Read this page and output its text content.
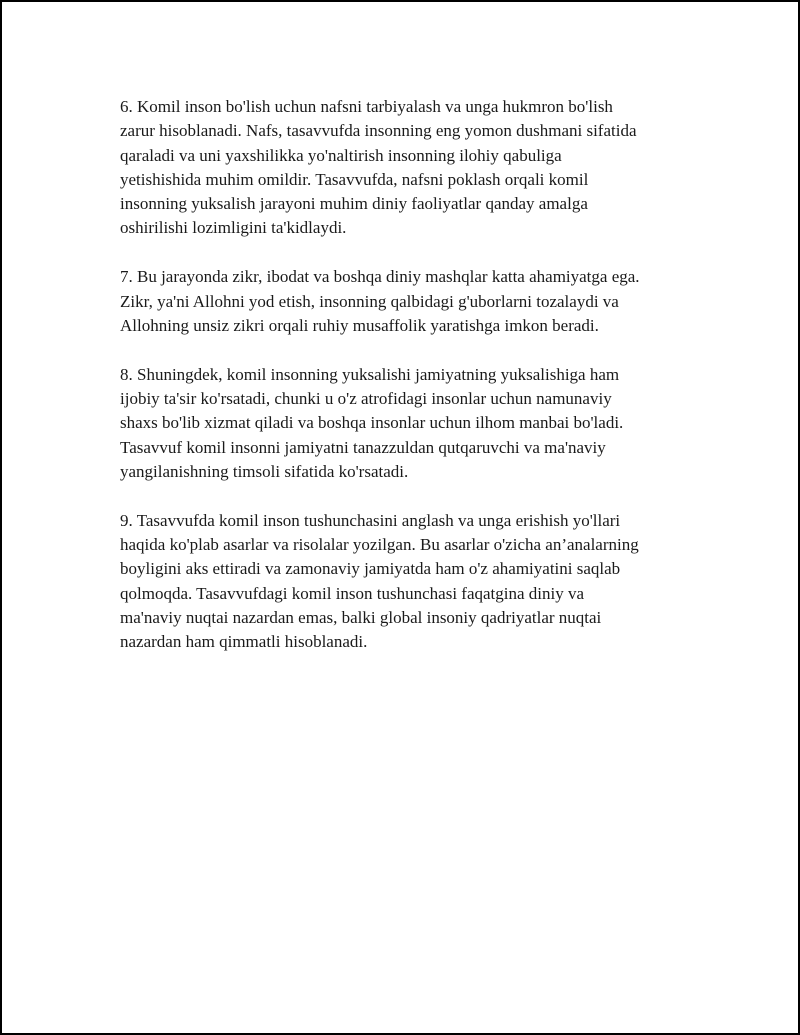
6. Komil inson bo'lish uchun nafsni tarbiyalash va unga hukmron bo'lish
zarur hisoblanadi. Nafs, tasavvufda insonning eng yomon dushmani sifatida
qaraladi va uni yaxshilikka yo'naltirish insonning ilohiy qabuliga
yetishishida muhim omildir. Tasavvufda, nafsni poklash orqali komil
insonning yuksalish jarayoni muhim diniy faoliyatlar qanday amalga
oshirilishi lozimligini ta'kidlaydi.

7. Bu jarayonda zikr, ibodat va boshqa diniy mashqlar katta ahamiyatga ega.
Zikr, ya'ni Allohni yod etish, insonning qalbidagi g'uborlarni tozalaydi va
Allohning unsiz zikri orqali ruhiy musaffolik yaratishga imkon beradi.

8. Shuningdek, komil insonning yuksalishi jamiyatning yuksalishiga ham
ijobiy ta'sir ko'rsatadi, chunki u o'z atrofidagi insonlar uchun namunaviy
shaxs bo'lib xizmat qiladi va boshqa insonlar uchun ilhom manbai bo'ladi.
Tasavvuf komil insonni jamiyatni tanazzuldan qutqaruvchi va ma'naviy
yangilanishning timsoli sifatida ko'rsatadi.

9. Tasavvufda komil inson tushunchasini anglash va unga erishish yo'llari
haqida ko'plab asarlar va risolalar yozilgan. Bu asarlar o'zicha an’analarning
boyligini aks ettiradi va zamonaviy jamiyatda ham o'z ahamiyatini saqlab
qolmoqda. Tasavvufdagi komil inson tushunchasi faqatgina diniy va
ma'naviy nuqtai nazardan emas, balki global insoniy qadriyatlar nuqtai
nazardan ham qimmatli hisoblanadi.
